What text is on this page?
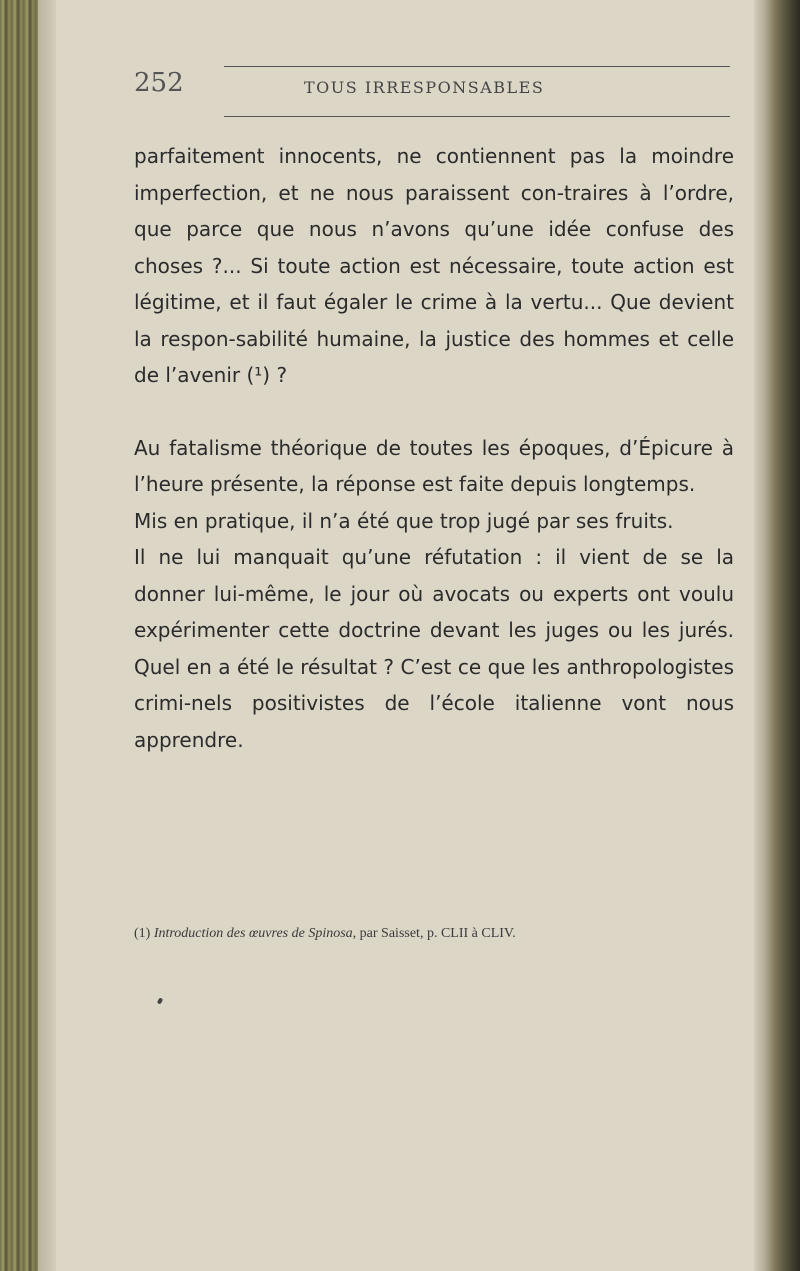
252	TOUS IRRESPONSABLES

parfaitement innocents, ne contiennent pas la moindre imperfection, et ne nous paraissent con-traires à l’ordre, que parce que nous n’avons qu’une idée confuse des choses ?... Si toute action est nécessaire, toute action est légitime, et il faut égaler le crime à la vertu... Que devient la respon-sabilité humaine, la justice des hommes et celle de l’avenir (¹) ?

Au fatalisme théorique de toutes les époques, d’Épicure à l’heure présente, la réponse est faite depuis longtemps.

Mis en pratique, il n’a été que trop jugé par ses fruits.

Il ne lui manquait qu’une réfutation : il vient de se la donner lui-même, le jour où avocats ou experts ont voulu expérimenter cette doctrine devant les juges ou les jurés. Quel en a été le résultat ? C’est ce que les anthropologistes crimi-nels positivistes de l’école italienne vont nous apprendre.

(1) Introduction des œuvres de Spinosa, par Saisset, p. CLII à CLIV.
